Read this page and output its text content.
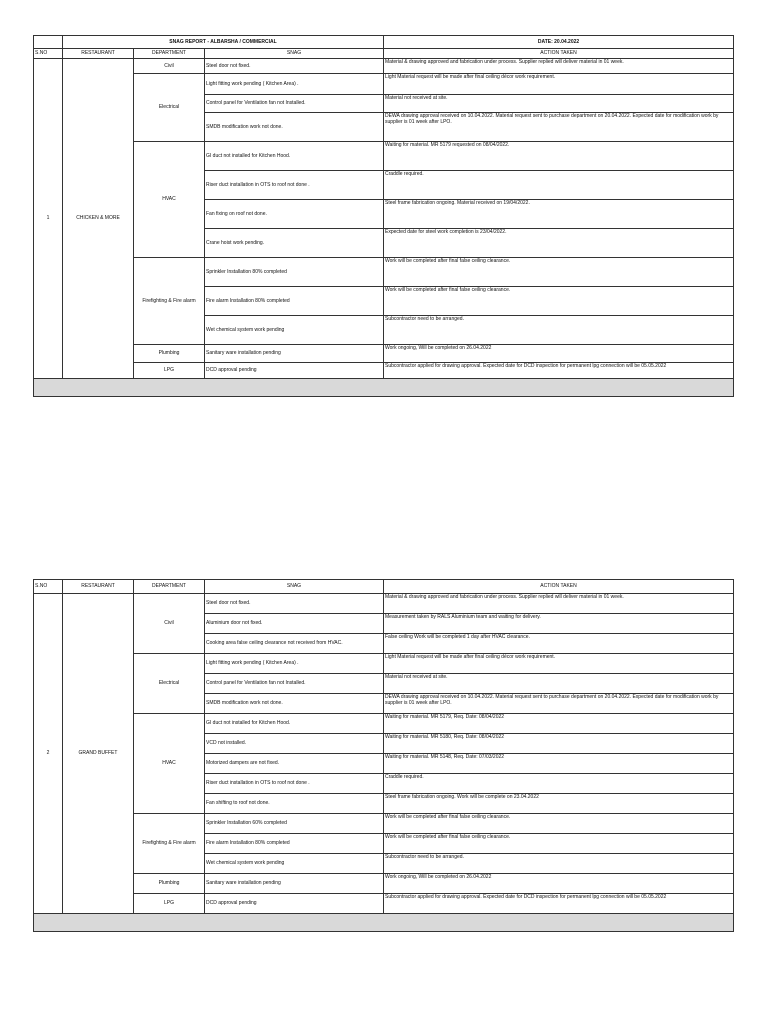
	SNAG REPORT - ALBARSHA / COMMERCIAL			DATE: 20.04.2022
S.NO	RESTAURANT	DEPARTMENT	SNAG	ACTION TAKEN
1	CHICKEN & MORE	Civil	Steel door not fixed.	Material & drawing approved and fabrication under process. Supplier replied will deliver material in 01 week.
		Electrical	Light fitting work pending ( Kitchen Area) .	Light Material request will be made after final ceiling décor work requirement.
			Control panel for Ventilation fan not Installed.	Material not received at site.
			SMDB modification work not done.	DEWA drawing approval received on 10.04.2022. Material request sent to purchase department on 20.04.2022. Expected date for modification work by supplier is 01 week after LPO.
		HVAC	GI duct not installed for Kitchen Hood.	Waiting for material. MR 5179 requested on 08/04/2022.
			Riser duct installation in OTS to roof not done .	Craddle required.
			Fan fixing on roof not done.	Steel frame fabrication ongoing. Material received on 19/04/2022.
			Crane hoist work pending.	Expected date for steel work completion is 23/04/2022.
		Firefighting & Fire alarm	Sprinkler Installation 80% completed	Work will be completed after final false ceiling clearance.
			Fire alarm Installation 80% completed	Work will be completed after final false ceiling clearance.
			Wet chemical system work pending	Subcontractor need to be arranged.
		Plumbing	Sanitary ware installation pending	Work ongoing, Will be completed on 26.04.2022
		LPG	DCD approval pending	Subcontractor applied for drawing approval. Expected date for DCD inspection for permanent lpg connection will be 05.05.2022

S.NO	RESTAURANT	DEPARTMENT	SNAG	ACTION TAKEN
2	GRAND BUFFET	Civil	Steel door not fixed.	Material & drawing approved and fabrication under process. Supplier replied will deliver material in 01 week.
			Aluminium door not fixed.	Measurement taken by RALS Aluminium team and waiting for delivery.
			Cooking area false ceiling clearance not received from HVAC.	False ceiling Work will be completed 1 day after HVAC clearance.
		Electrical	Light fitting work pending ( Kitchen Area) .	Light Material request will be made after final ceiling décor work requirement.
			Control panel for Ventilation fan not Installed.	Material not received at site.
			SMDB modification work not done.	DEWA drawing approval received on 10.04.2022. Material request sent to purchase department on 20.04.2022. Expected date for modification work by supplier is 01 week after LPO.
		HVAC	GI duct not installed for Kitchen Hood.	Waiting for material. MR 5179, Req. Date: 08/04/2022
			VCD not installed.	Waiting for material. MR 5180, Req. Date: 08/04/2022
			Motorized dampers are not fixed.	Waiting for material. MR 5148, Req. Date: 07/03/2022
			Riser duct installation in OTS to roof not done .	Craddle required.
			Fan shifting to roof not done.	Steel frame fabrication ongoing. Work will be complete on 23.04.2022
		Firefighting & Fire alarm	Sprinkler Installation 60% completed	Work will be completed after final false ceiling clearance.
			Fire alarm Installation 80% completed	Work will be completed after final false ceiling clearance.
			Wet chemical system work pending	Subcontractor need to be arranged.
		Plumbing	Sanitary ware installation pending	Work ongoing, Will be completed on 26.04.2022
		LPG	DCD approval pending	Subcontractor applied for drawing approval. Expected date for DCD inspection for permanent lpg connection will be 05.05.2022
